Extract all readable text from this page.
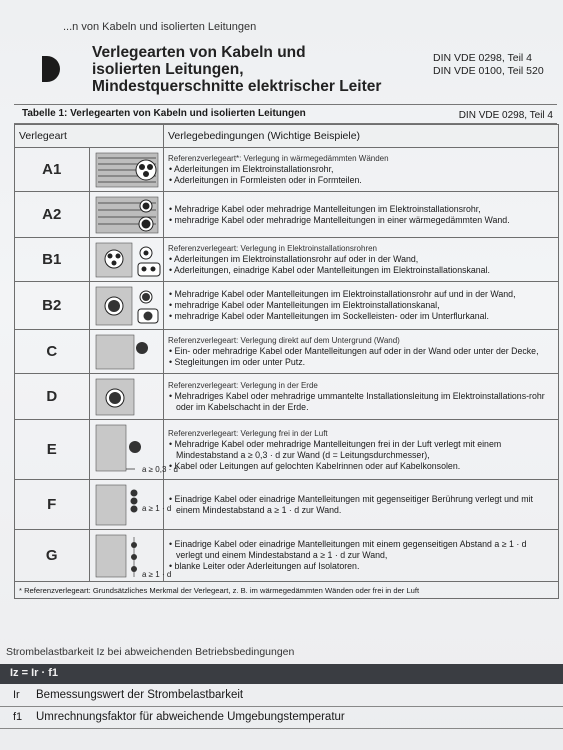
...n von Kabeln und isolierten Leitungen
Verlegearten von Kabeln und
isolierten Leitungen,
Mindestquerschnitte elektrischer Leiter
DIN VDE 0298, Teil 4
DIN VDE 0100, Teil 520
Tabelle 1: Verlegearten von Kabeln und isolierten Leitungen	DIN VDE 0298, Teil 4
Verlegeart		Verlegebedingungen (Wichtige Beispiele)
A1		Referenzverlegeart*: Verlegung in wärmegedämmten Wänden
• Aderleitungen im Elektroinstallationsrohr,
• Aderleitungen in Formleisten oder in Formteilen.

A2		• Mehradrige Kabel oder mehradrige Mantelleitungen im Elektroinstallationsrohr,
• mehradrige Kabel oder mehradrige Mantelleitungen in einer wärmegedämmten Wand.

B1		Referenzverlegeart: Verlegung in Elektroinstallationsrohren
• Aderleitungen im Elektroinstallationsrohr auf oder in der Wand,
• Aderleitungen, einadrige Kabel oder Mantelleitungen im Elektroinstallationskanal.

B2		• Mehradrige Kabel oder Mantelleitungen im Elektroinstallationsrohr auf und in der Wand,
• mehradrige Kabel oder Mantelleitungen im Elektroinstallationskanal,
• mehradrige Kabel oder Mantelleitungen im Sockelleisten- oder im Unterflurkanal.

C		Referenzverlegeart: Verlegung direkt auf dem Untergrund (Wand)
• Ein- oder mehradrige Kabel oder Mantelleitungen auf oder in der Wand oder unter der Decke,
• Stegleitungen im oder unter Putz.

D		Referenzverlegeart: Verlegung in der Erde
• Mehradriges Kabel oder mehradrige ummantelte Installationsleitung im Elektroinstallations-rohr oder im Kabelschacht in der Erde.

E	a ≥ 0,3 · d	Referenzverlegeart: Verlegung frei in der Luft
• Mehradrige Kabel oder mehradrige Mantelleitungen frei in der Luft verlegt mit einem Mindestabstand a ≥ 0,3 · d zur Wand (d = Leitungsdurchmesser),
• Kabel oder Leitungen auf gelochten Kabelrinnen oder auf Kabelkonsolen.

F	a ≥ 1 · d	• Einadrige Kabel oder einadrige Mantelleitungen mit gegenseitiger Berührung verlegt und mit einem Mindestabstand a ≥ 1 · d zur Wand.

G	a ≥ 1 · d	• Einadrige Kabel oder einadrige Mantelleitungen mit einem gegenseitigen Abstand a ≥ 1 · d verlegt und einem Mindestabstand a ≥ 1 · d zur Wand,
• blanke Leiter oder Aderleitungen auf Isolatoren.

* Referenzverlegeart: Grundsätzliches Merkmal der Verlegeart, z. B. im wärmegedämmten Wänden oder frei in der Luft		
Strombelastbarkeit Iz bei abweichenden Betriebsbedingungen
Iz = Ir · f1
Ir Bemessungswert der Strombelastbarkeit
f1 Umrechnungsfaktor für abweichende Umgebungstemperatur
